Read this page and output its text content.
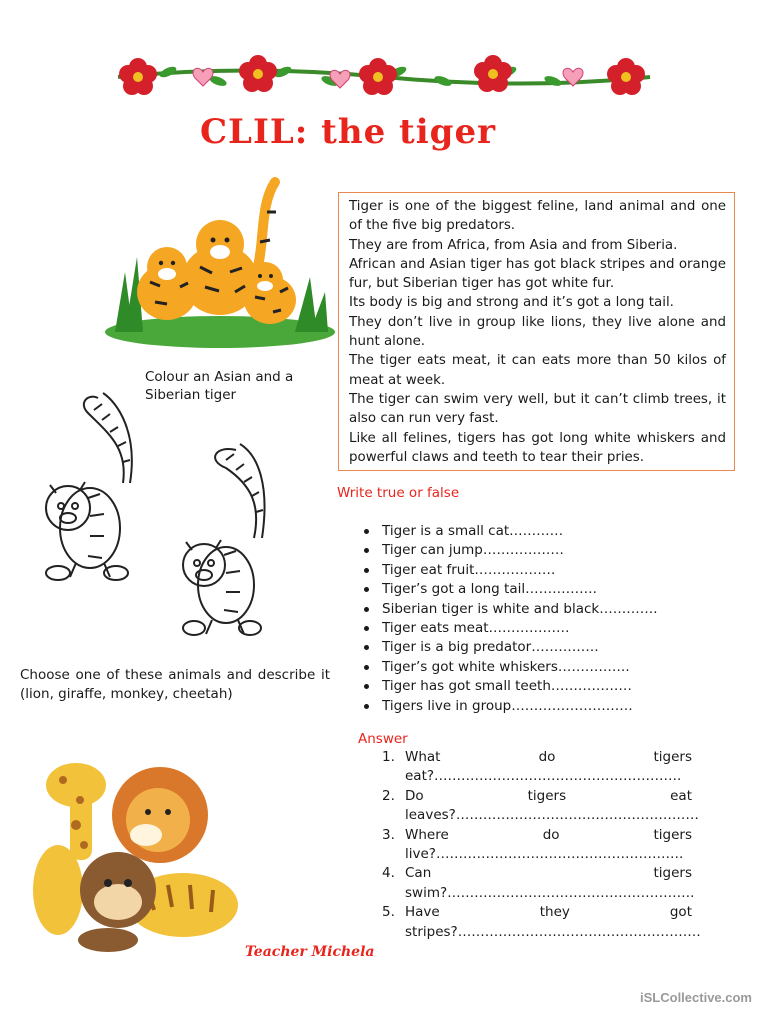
CLIL: the tiger

Tiger is one of the biggest feline, land animal and one of the five big predators.

They are from Africa, from Asia and from Siberia.

African and Asian tiger has got black stripes and orange fur, but Siberian tiger has got white fur.

Its body is big and strong and it’s got a long tail.

They don’t live in group like lions, they live alone and hunt alone.

The tiger eats meat, it can eats more than 50 kilos of meat at week.

The tiger can swim very well, but it can’t climb trees, it also can run very fast.

Like all felines, tigers has got long white whiskers and powerful claws and teeth to tear their pries.

Colour an Asian and a Siberian tiger
Write true or false
Tiger is a small cat…………
Tiger can jump………………
Tiger eat fruit………………
Tiger’s got a long tail…………….
Siberian tiger is white and black………….
Tiger eats meat………………
Tiger is a big predator……………
Tiger’s got white whiskers…………….
Tiger has got small teeth………………
Tigers live in group………………………

Choose one of these animals and describe it (lion, giraffe, monkey, cheetah)

Answer
1. What do tigers eat?……………………………………………….
2. Do tigers eat leaves?………………………………………………
3. Where do tigers live?……………………………………………….
4. Can tigers swim?……………………………………………….
5. Have they got stripes?………………………………………………
Teacher Michela
iSLCollective.com
